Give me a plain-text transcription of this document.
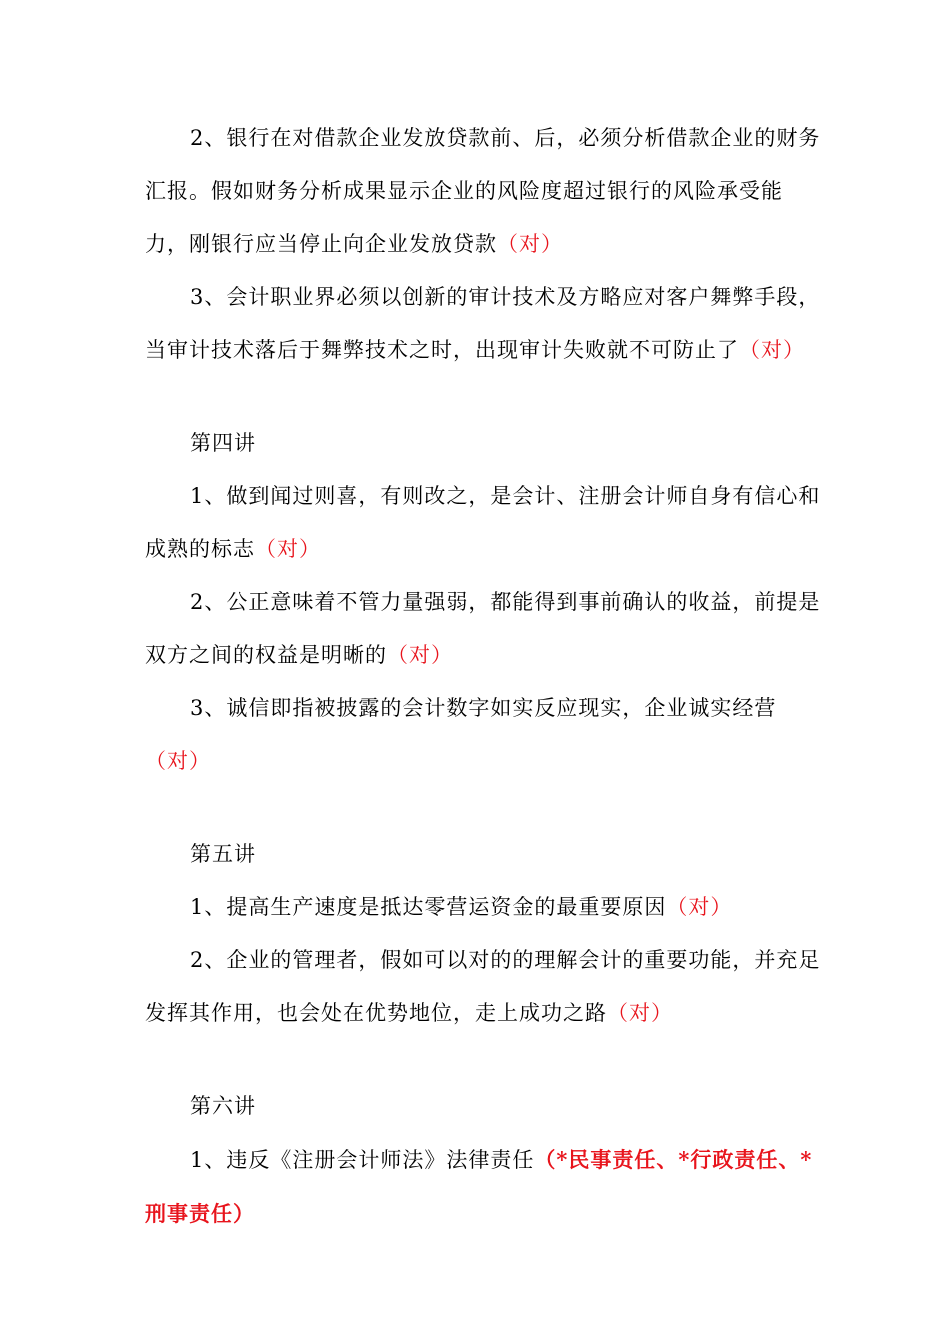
2、银行在对借款企业发放贷款前、后，必须分析借款企业的财务汇报。假如财务分析成果显示企业的风险度超过银行的风险承受能力，刚银行应当停止向企业发放贷款（对）

3、会计职业界必须以创新的审计技术及方略应对客户舞弊手段，当审计技术落后于舞弊技术之时，出现审计失败就不可防止了（对）

第四讲

1、做到闻过则喜，有则改之，是会计、注册会计师自身有信心和成熟的标志（对）

2、公正意味着不管力量强弱，都能得到事前确认的收益，前提是双方之间的权益是明晰的（对）

3、诚信即指被披露的会计数字如实反应现实，企业诚实经营（对）

第五讲

1、提高生产速度是抵达零营运资金的最重要原因（对）

2、企业的管理者，假如可以对的的理解会计的重要功能，并充足发挥其作用，也会处在优势地位，走上成功之路（对）

第六讲

1、违反《注册会计师法》法律责任（*民事责任、*行政责任、*刑事责任）
